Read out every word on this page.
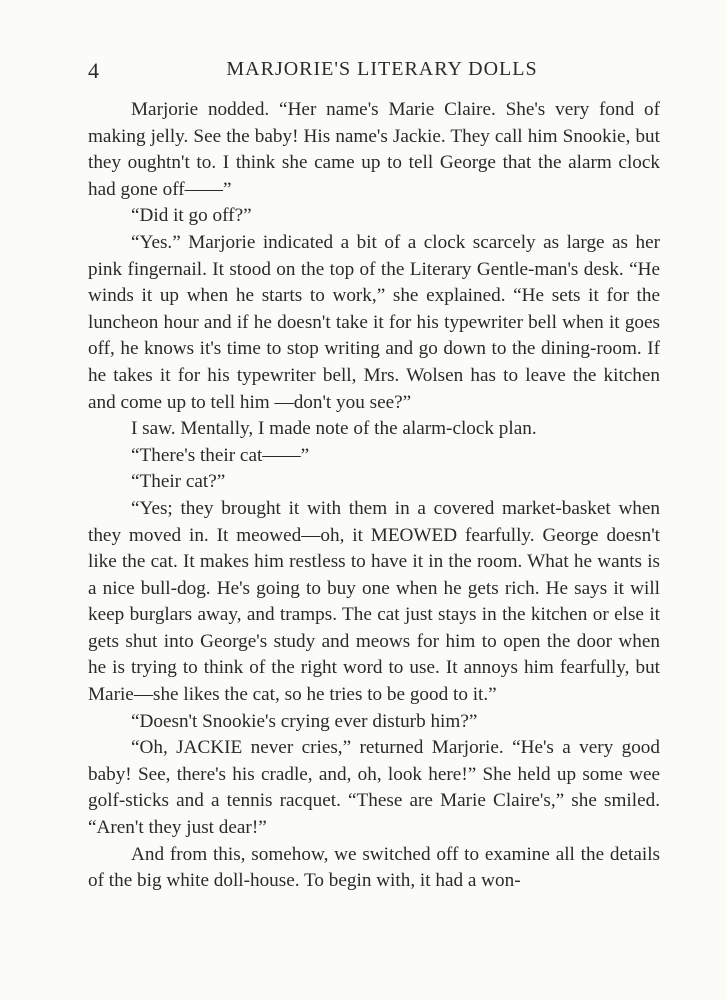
4	MARJORIE'S LITERARY DOLLS

Marjorie nodded. “Her name's Marie Claire. She's very fond of making jelly. See the baby! His name's Jackie. They call him Snookie, but they oughtn't to. I think she came up to tell George that the alarm clock had gone off——”

“Did it go off?”

“Yes.” Marjorie indicated a bit of a clock scarcely as large as her pink fingernail. It stood on the top of the Literary Gentle-man's desk. “He winds it up when he starts to work,” she explained. “He sets it for the luncheon hour and if he doesn't take it for his typewriter bell when it goes off, he knows it's time to stop writing and go down to the dining-room. If he takes it for his typewriter bell, Mrs. Wolsen has to leave the kitchen and come up to tell him —don't you see?”

I saw. Mentally, I made note of the alarm-clock plan.

“There's their cat——”

“Their cat?”

“Yes; they brought it with them in a covered market-basket when they moved in. It meowed—oh, it MEOWED fearfully. George doesn't like the cat. It makes him restless to have it in the room. What he wants is a nice bull-dog. He's going to buy one when he gets rich. He says it will keep burglars away, and tramps. The cat just stays in the kitchen or else it gets shut into George's study and meows for him to open the door when he is trying to think of the right word to use. It annoys him fearfully, but Marie—she likes the cat, so he tries to be good to it.”

“Doesn't Snookie's crying ever disturb him?”

“Oh, JACKIE never cries,” returned Marjorie. “He's a very good baby! See, there's his cradle, and, oh, look here!” She held up some wee golf-sticks and a tennis racquet. “These are Marie Claire's,” she smiled. “Aren't they just dear!”

And from this, somehow, we switched off to examine all the details of the big white doll-house. To begin with, it had a won-
